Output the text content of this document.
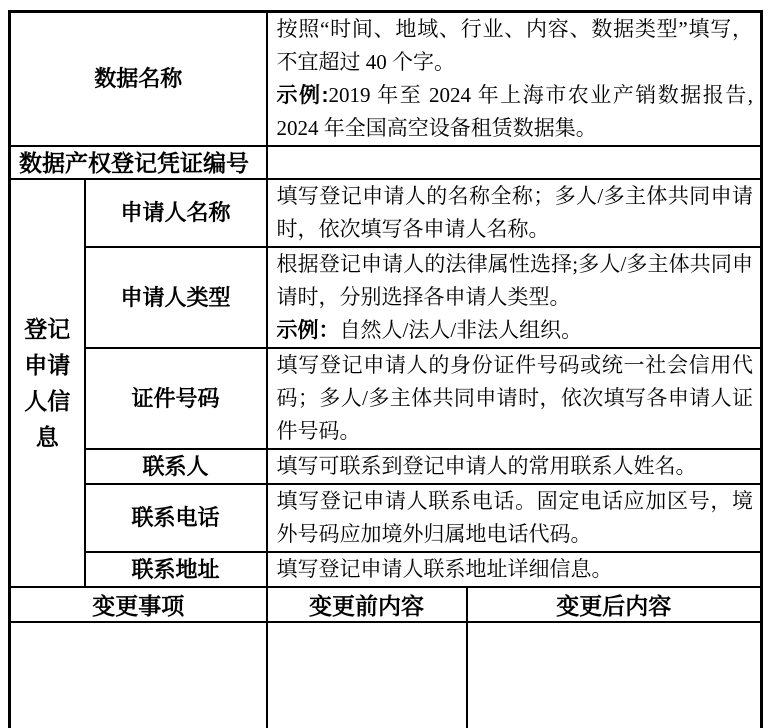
数据名称		按照“时间、地域、行业、内容、数据类型”填写，不宜超过 40 个字。
示例:2019 年至 2024 年上海市农业产销数据报告, 2024 年全国高空设备租赁数据集。	
数据产权登记凭证编号			
登记申请人信息	申请人名称	填写登记申请人的名称全称；多人/多主体共同申请时，依次填写各申请人名称。	
	申请人类型	根据登记申请人的法律属性选择;多人/多主体共同申请时，分别选择各申请人类型。
示例：自然人/法人/非法人组织。	
	证件号码	填写登记申请人的身份证件号码或统一社会信用代码；多人/多主体共同申请时，依次填写各申请人证件号码。	
	联系人	填写可联系到登记申请人的常用联系人姓名。	
	联系电话	填写登记申请人联系电话。固定电话应加区号，境外号码应加境外归属地电话代码。	
	联系地址	填写登记申请人联系地址详细信息。	
变更事项		变更前内容	变更后内容
